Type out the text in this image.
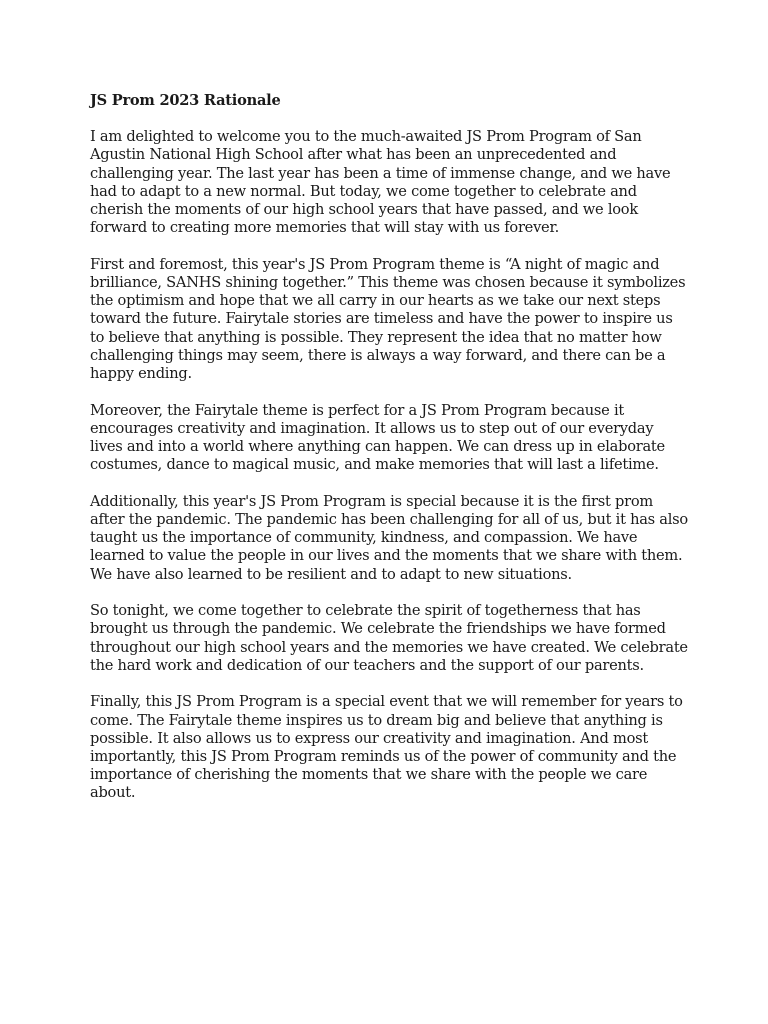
JS Prom 2023 Rationale

I am delighted to welcome you to the much-awaited JS Prom Program of San Agustin National High School after what has been an unprecedented and challenging year. The last year has been a time of immense change, and we have had to adapt to a new normal. But today, we come together to celebrate and cherish the moments of our high school years that have passed, and we look forward to creating more memories that will stay with us forever.

First and foremost, this year's JS Prom Program theme is “A night of magic and brilliance, SANHS shining together.” This theme was chosen because it symbolizes the optimism and hope that we all carry in our hearts as we take our next steps toward the future. Fairytale stories are timeless and have the power to inspire us to believe that anything is possible. They represent the idea that no matter how challenging things may seem, there is always a way forward, and there can be a happy ending.

Moreover, the Fairytale theme is perfect for a JS Prom Program because it encourages creativity and imagination. It allows us to step out of our everyday lives and into a world where anything can happen. We can dress up in elaborate costumes, dance to magical music, and make memories that will last a lifetime.

Additionally, this year's JS Prom Program is special because it is the first prom after the pandemic. The pandemic has been challenging for all of us, but it has also taught us the importance of community, kindness, and compassion. We have learned to value the people in our lives and the moments that we share with them. We have also learned to be resilient and to adapt to new situations.

So tonight, we come together to celebrate the spirit of togetherness that has brought us through the pandemic. We celebrate the friendships we have formed throughout our high school years and the memories we have created. We celebrate the hard work and dedication of our teachers and the support of our parents.

Finally, this JS Prom Program is a special event that we will remember for years to come. The Fairytale theme inspires us to dream big and believe that anything is possible. It also allows us to express our creativity and imagination. And most importantly, this JS Prom Program reminds us of the power of community and the importance of cherishing the moments that we share with the people we care about.
